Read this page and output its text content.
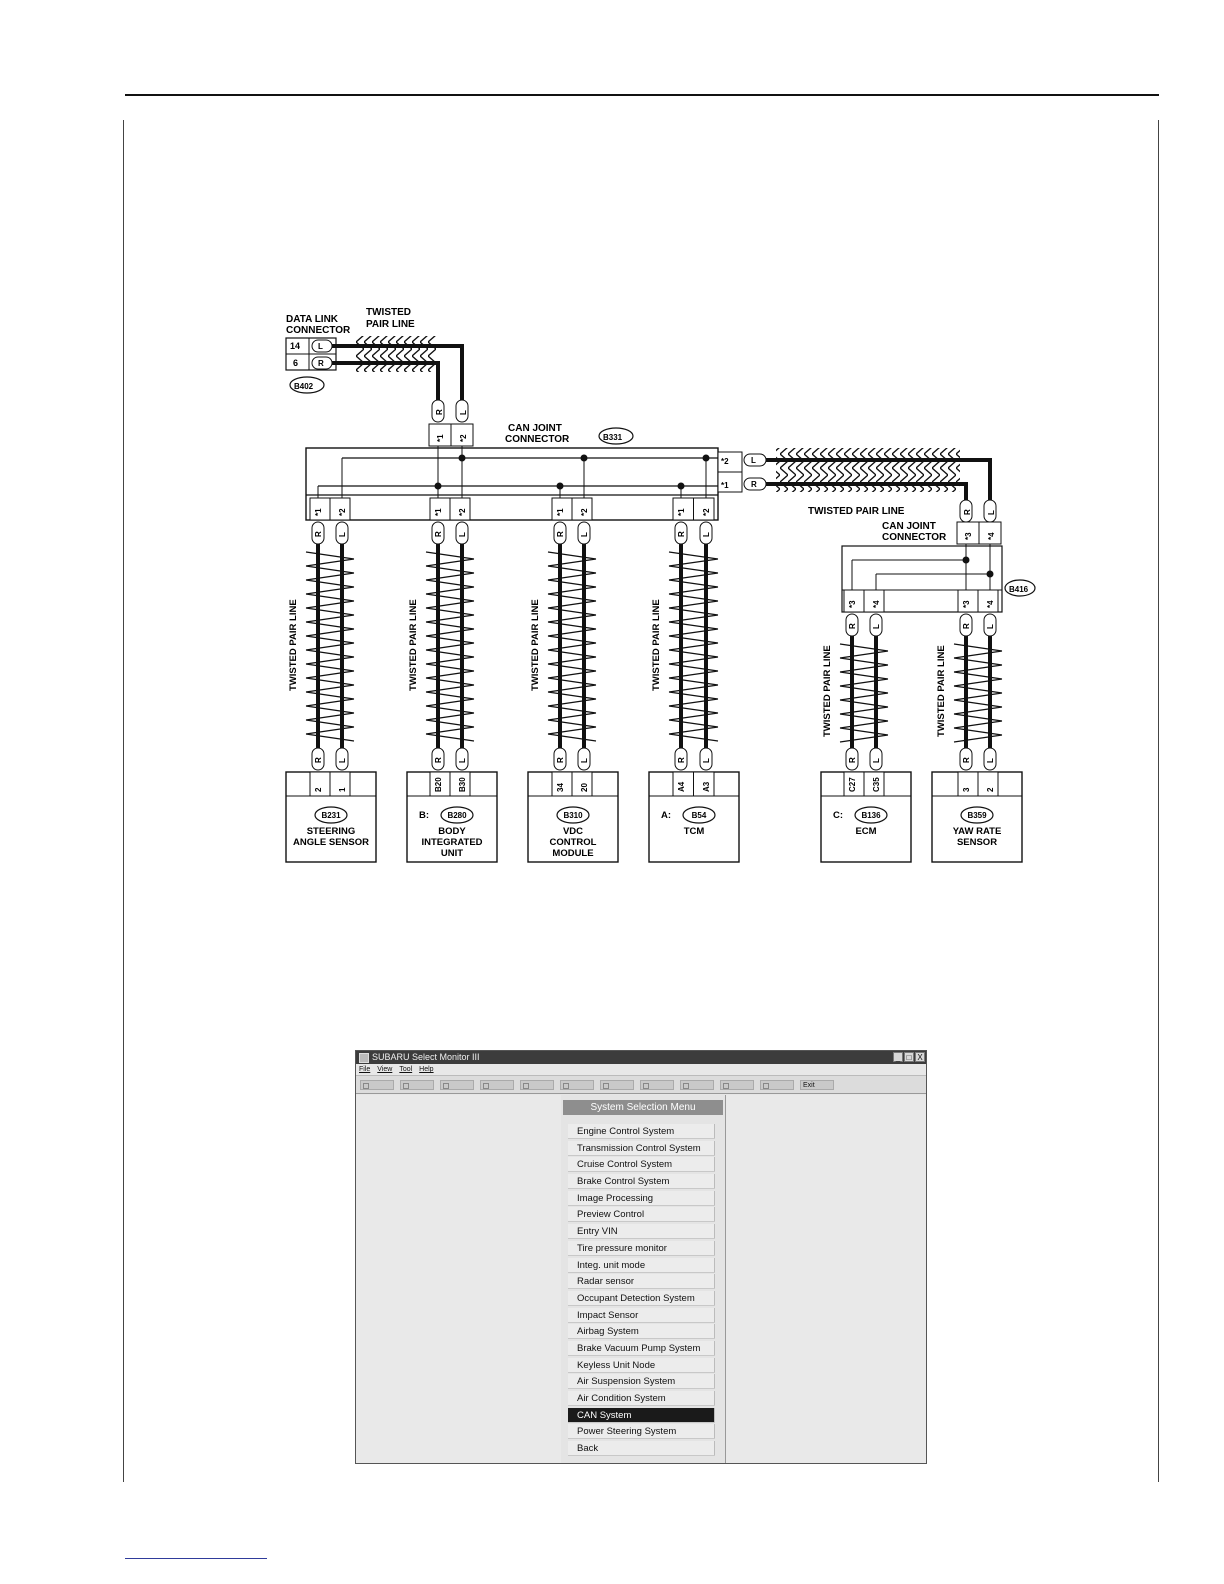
DATA LINK
CONNECTOR
14
6
L
R
B402
TWISTED
PAIR LINE
R L
*1 *2
CAN JOINT
CONNECTOR	B331
*2
*1
L
R
TWISTED PAIR LINE	R L
*3 *4
CAN JOINT
CONNECTOR
B416
*1 *2
R L
TWISTED PAIR LINE
R L
2 1
B231
STEERING
ANGLE SENSOR
*1 *2
R L
TWISTED PAIR LINE
R L
B20 B30
B: B280
BODY
INTEGRATED
UNIT
*1 *2
R L
TWISTED PAIR LINE
R L
34 20
B310
VDC
CONTROL
MODULE
*1 *2
R L
TWISTED PAIR LINE
R L
A4 A3
A:	B54
TCM
*3 *4
R L
TWISTED PAIR LINE
R L
C27 C35
C: B136
ECM
*3 *4
R L
TWISTED PAIR LINE
R L
3 2
B359
YAW RATE
SENSOR
SUBARU Select Monitor III	_ □ X
File View Tool Help
Exit
System Selection Menu
Engine Control System
Transmission Control System
Cruise Control System
Brake Control System
Image Processing
Preview Control
Entry VIN
Tire pressure monitor
Integ. unit mode
Radar sensor
Occupant Detection System
Impact Sensor
Airbag System
Brake Vacuum Pump System
Keyless Unit Node
Air Suspension System
Air Condition System
CAN System
Power Steering System
Back
